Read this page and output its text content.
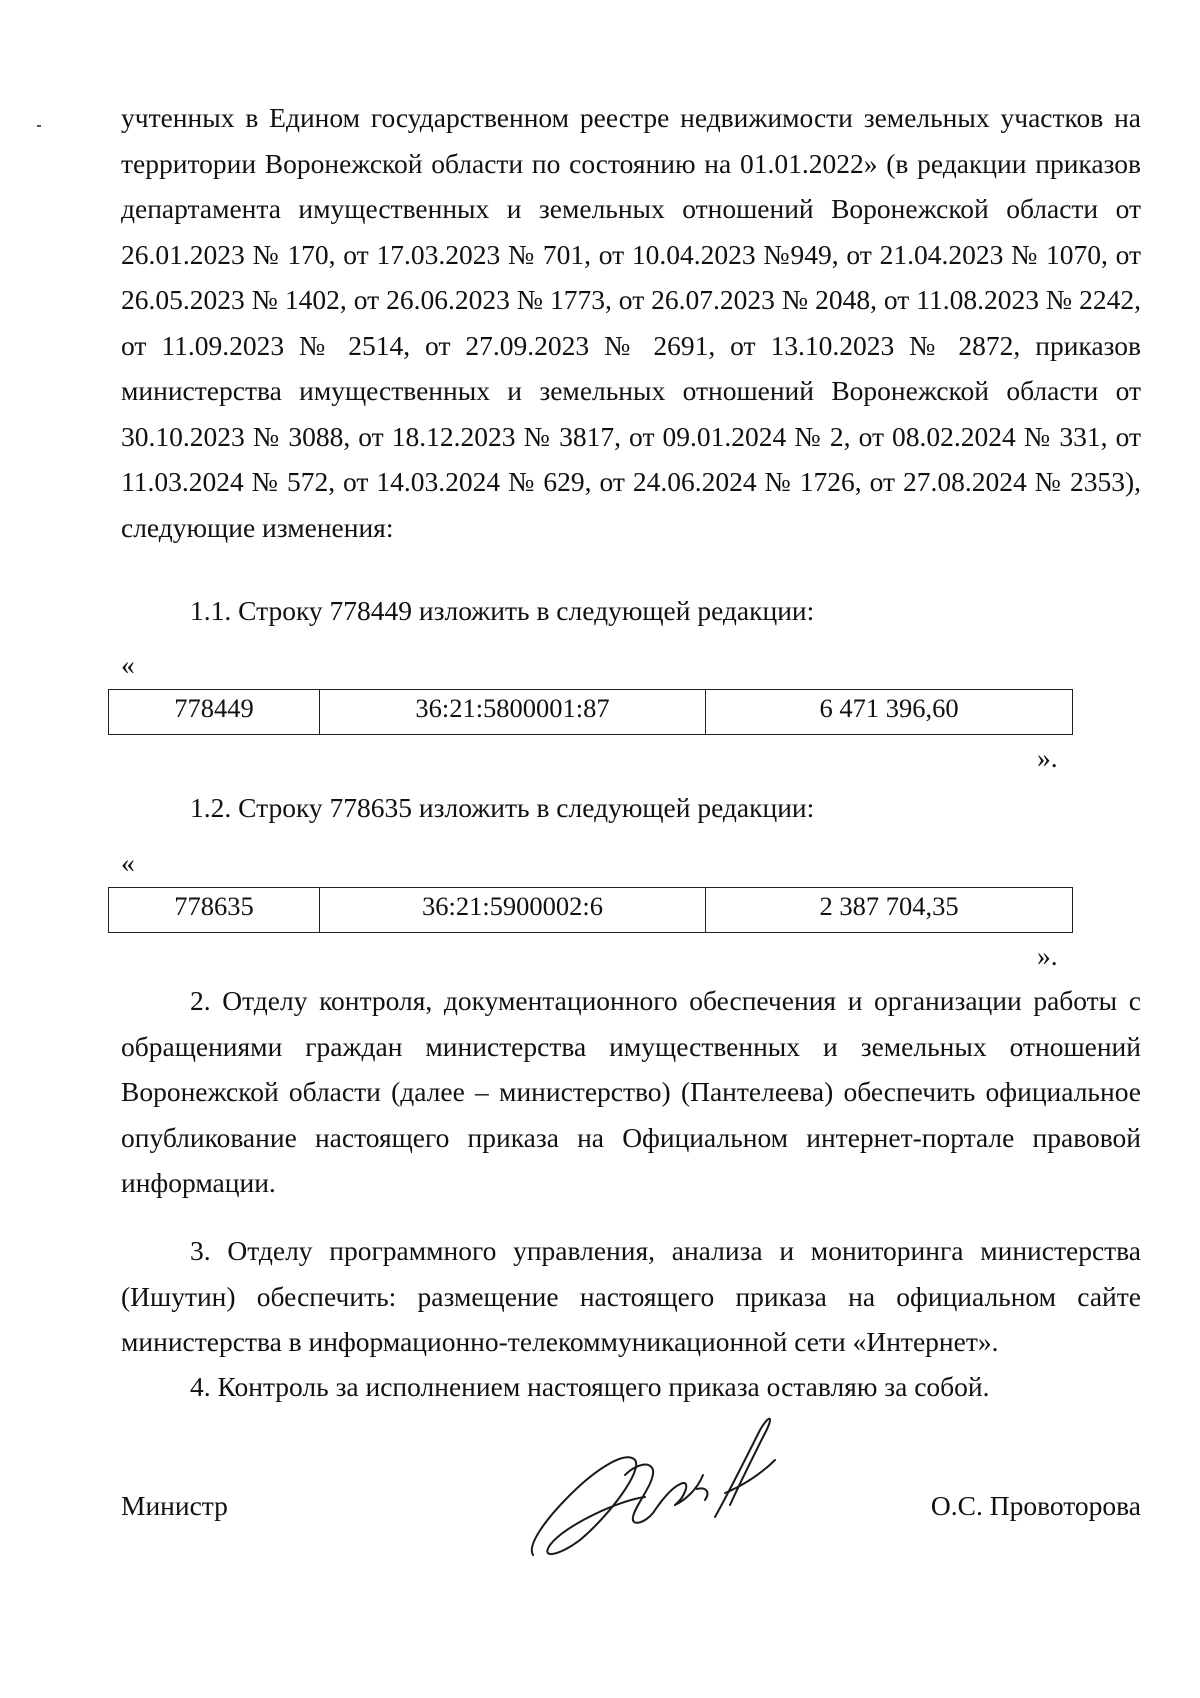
учтенных в Едином государственном реестре недвижимости земельных участков на территории Воронежской области по состоянию на 01.01.2022» (в редакции приказов департамента имущественных и земельных отношений Воронежской области от 26.01.2023 № 170, от 17.03.2023 № 701, от 10.04.2023 №949, от 21.04.2023 № 1070, от 26.05.2023 № 1402, от 26.06.2023 № 1773, от 26.07.2023 № 2048, от 11.08.2023 № 2242, от 11.09.2023 № 2514, от 27.09.2023 № 2691, от 13.10.2023 № 2872, приказов министерства имущественных и земельных отношений Воронежской области от 30.10.2023 № 3088, от 18.12.2023 № 3817, от 09.01.2024 № 2, от 08.02.2024 № 331, от 11.03.2024 № 572, от 14.03.2024 № 629, от 24.06.2024 № 1726, от 27.08.2024 № 2353), следующие изменения:

1.1. Строку 778449 изложить в следующей редакции:

«

778449	36:21:5800001:87	6 471 396,60

».

1.2. Строку 778635 изложить в следующей редакции:

«

778635	36:21:5900002:6	2 387 704,35

».

2. Отделу контроля, документационного обеспечения и организации работы с обращениями граждан министерства имущественных и земельных отношений Воронежской области (далее – министерство) (Пантелеева) обеспечить официальное опубликование настоящего приказа на Официальном интернет-портале правовой информации.

3. Отделу программного управления, анализа и мониторинга министерства (Ишутин) обеспечить: размещение настоящего приказа на официальном сайте министерства в информационно-телекоммуникационной сети «Интернет».

4. Контроль за исполнением настоящего приказа оставляю за собой.

Министр	О.С. Провоторова
